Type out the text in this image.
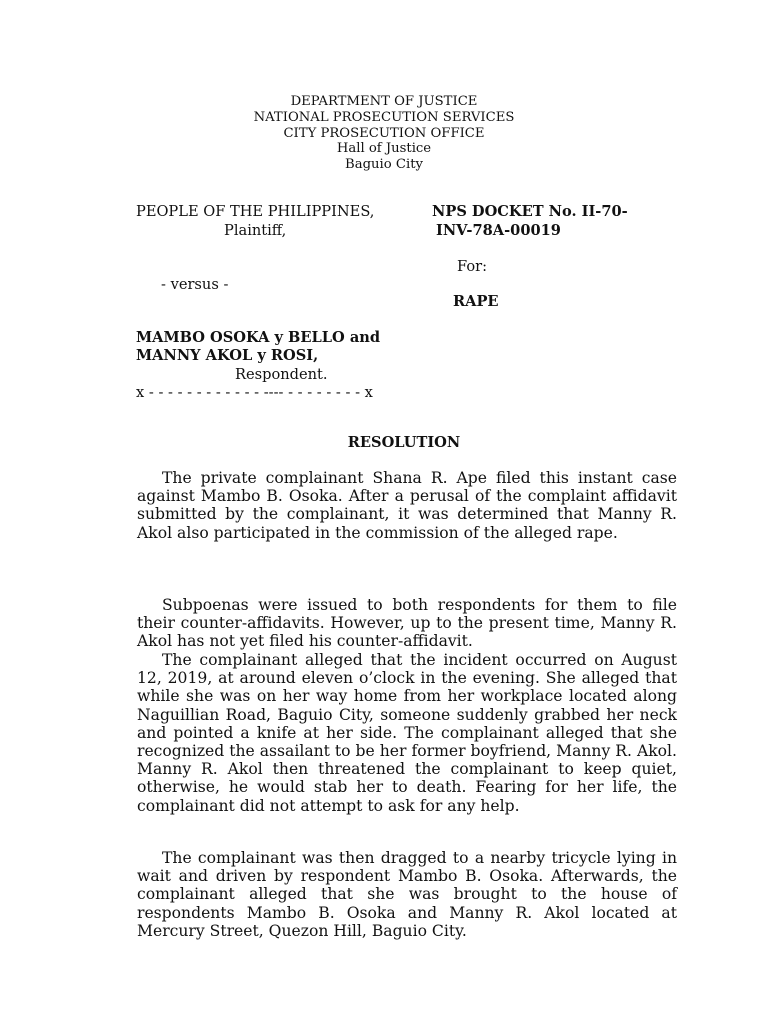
DEPARTMENT OF JUSTICE
NATIONAL PROSECUTION SERVICES
CITY PROSECUTION OFFICE
Hall of Justice
Baguio City
PEOPLE OF THE PHILIPPINES,
Plaintiff,
NPS DOCKET No. II-70-
INV-78A-00019
For:
- versus -
RAPE
MAMBO OSOKA y BELLO and
MANNY AKOL y ROSI,
Respondent.
x - - - - - - - - - - - - ---- - - - - - - - - x
RESOLUTION

The private complainant Shana R. Ape filed this instant case against Mambo B. Osoka. After a perusal of the complaint affidavit submitted by the complainant, it was determined that Manny R. Akol also participated in the commission of the alleged rape.

Subpoenas were issued to both respondents for them to file their counter-affidavits. However, up to the present time, Manny R. Akol has not yet filed his counter-affidavit.

The complainant alleged that the incident occurred on August 12, 2019, at around eleven o’clock in the evening. She alleged that while she was on her way home from her workplace located along Naguillian Road, Baguio City, someone suddenly grabbed her neck and pointed a knife at her side. The complainant alleged that she recognized the assailant to be her former boyfriend, Manny R. Akol. Manny R. Akol then threatened the complainant to keep quiet, otherwise, he would stab her to death. Fearing for her life, the complainant did not attempt to ask for any help.

The complainant was then dragged to a nearby tricycle lying in wait and driven by respondent Mambo B. Osoka. Afterwards, the complainant alleged that she was brought to the house of respondents Mambo B. Osoka and Manny R. Akol located at Mercury Street, Quezon Hill, Baguio City.
